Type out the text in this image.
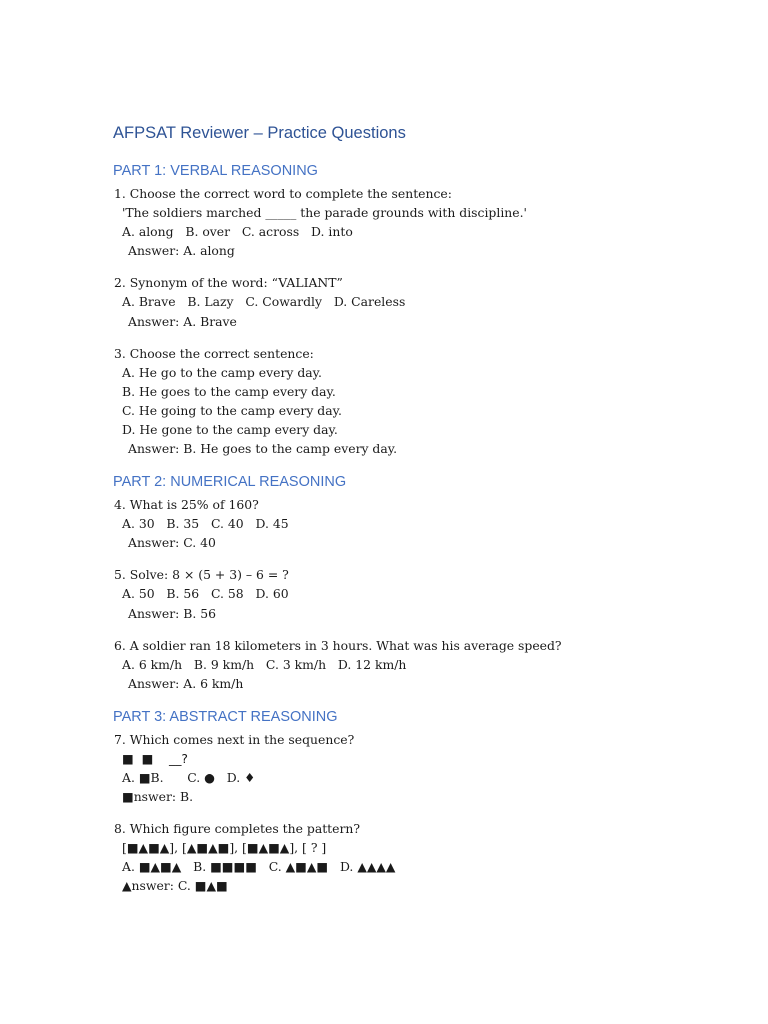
AFPSAT Reviewer – Practice Questions
PART 1: VERBAL REASONING
1. Choose the correct word to complete the sentence:
'The soldiers marched _____ the parade grounds with discipline.'
A. along   B. over   C. across   D. into
Answer: A. along
2. Synonym of the word: “VALIANT”
A. Brave   B. Lazy   C. Cowardly   D. Careless
Answer: A. Brave
3. Choose the correct sentence:
A. He go to the camp every day.
B. He goes to the camp every day.
C. He going to the camp every day.
D. He gone to the camp every day.
Answer: B. He goes to the camp every day.
PART 2: NUMERICAL REASONING
4. What is 25% of 160?
A. 30   B. 35   C. 40   D. 45
Answer: C. 40
5. Solve: 8 × (5 + 3) – 6 = ?
A. 50   B. 56   C. 58   D. 60
Answer: B. 56
6. A soldier ran 18 kilometers in 3 hours. What was his average speed?
A. 6 km/h   B. 9 km/h   C. 3 km/h   D. 12 km/h
Answer: A. 6 km/h
PART 3: ABSTRACT REASONING
7. Which comes next in the sequence?
■  ■    __?
A. ■B.      C. ●   D. ♦
■nswer: B.
8. Which figure completes the pattern?
[■▲■▲], [▲■▲■], [■▲■▲], [ ? ]
A. ■▲■▲   B. ■■■■   C. ▲■▲■   D. ▲▲▲▲
▲nswer: C. ■▲■
